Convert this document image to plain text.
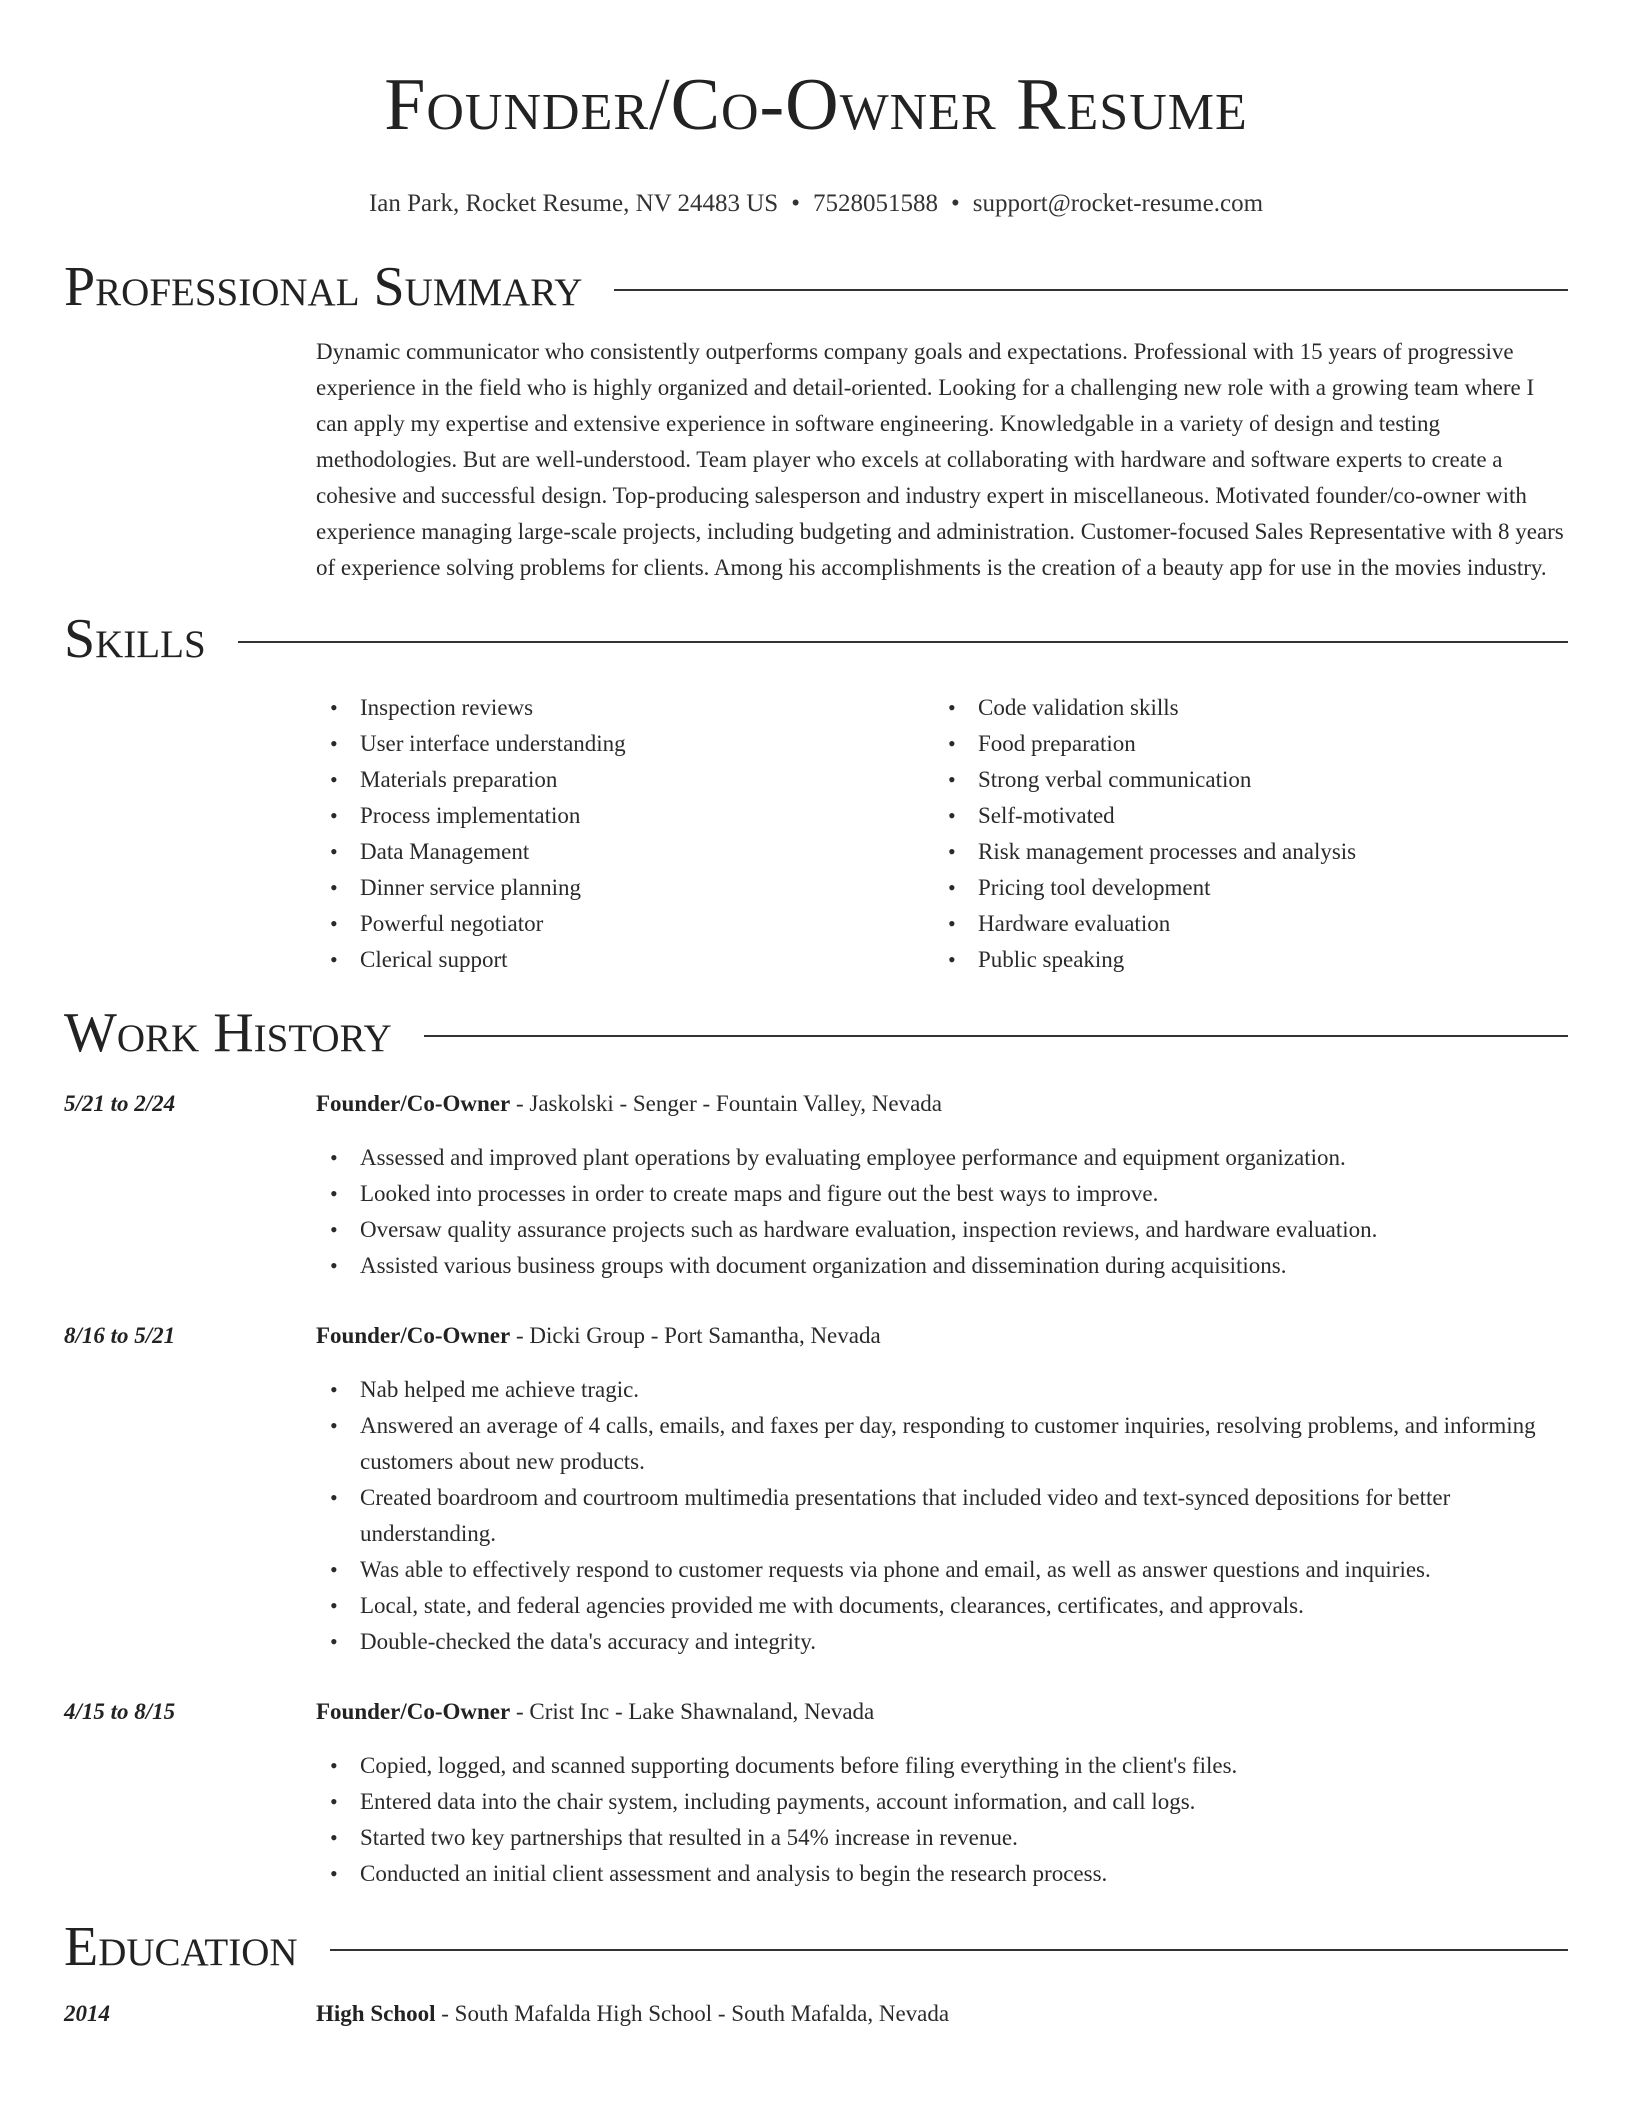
Founder/Co-Owner Resume
Ian Park, Rocket Resume, NV 24483 US • 7528051588 • support@rocket-resume.com
Professional Summary

Dynamic communicator who consistently outperforms company goals and expectations. Professional with 15 years of progressive experience in the field who is highly organized and detail-oriented. Looking for a challenging new role with a growing team where I can apply my expertise and extensive experience in software engineering. Knowledgable in a variety of design and testing methodologies. But are well-understood. Team player who excels at collaborating with hardware and software experts to create a cohesive and successful design. Top-producing salesperson and industry expert in miscellaneous. Motivated founder/co-owner with experience managing large-scale projects, including budgeting and administration. Customer-focused Sales Representative with 8 years of experience solving problems for clients. Among his accomplishments is the creation of a beauty app for use in the movies industry.

Skills
• Inspection reviews
• User interface understanding
• Materials preparation
• Process implementation
• Data Management
• Dinner service planning
• Powerful negotiator
• Clerical support
• Code validation skills
• Food preparation
• Strong verbal communication
• Self-motivated
• Risk management processes and analysis
• Pricing tool development
• Hardware evaluation
• Public speaking
Work History
5/21 to 2/24	Founder/Co-Owner - Jaskolski - Senger - Fountain Valley, Nevada
• Assessed and improved plant operations by evaluating employee performance and equipment organization.
• Looked into processes in order to create maps and figure out the best ways to improve.
• Oversaw quality assurance projects such as hardware evaluation, inspection reviews, and hardware evaluation.
• Assisted various business groups with document organization and dissemination during acquisitions.
8/16 to 5/21	Founder/Co-Owner - Dicki Group - Port Samantha, Nevada
• Nab helped me achieve tragic.
• Answered an average of 4 calls, emails, and faxes per day, responding to customer inquiries, resolving problems, and informing customers about new products.
• Created boardroom and courtroom multimedia presentations that included video and text-synced depositions for better understanding.
• Was able to effectively respond to customer requests via phone and email, as well as answer questions and inquiries.
• Local, state, and federal agencies provided me with documents, clearances, certificates, and approvals.
• Double-checked the data's accuracy and integrity.
4/15 to 8/15	Founder/Co-Owner - Crist Inc - Lake Shawnaland, Nevada
• Copied, logged, and scanned supporting documents before filing everything in the client's files.
• Entered data into the chair system, including payments, account information, and call logs.
• Started two key partnerships that resulted in a 54% increase in revenue.
• Conducted an initial client assessment and analysis to begin the research process.
Education
2014	High School - South Mafalda High School - South Mafalda, Nevada
